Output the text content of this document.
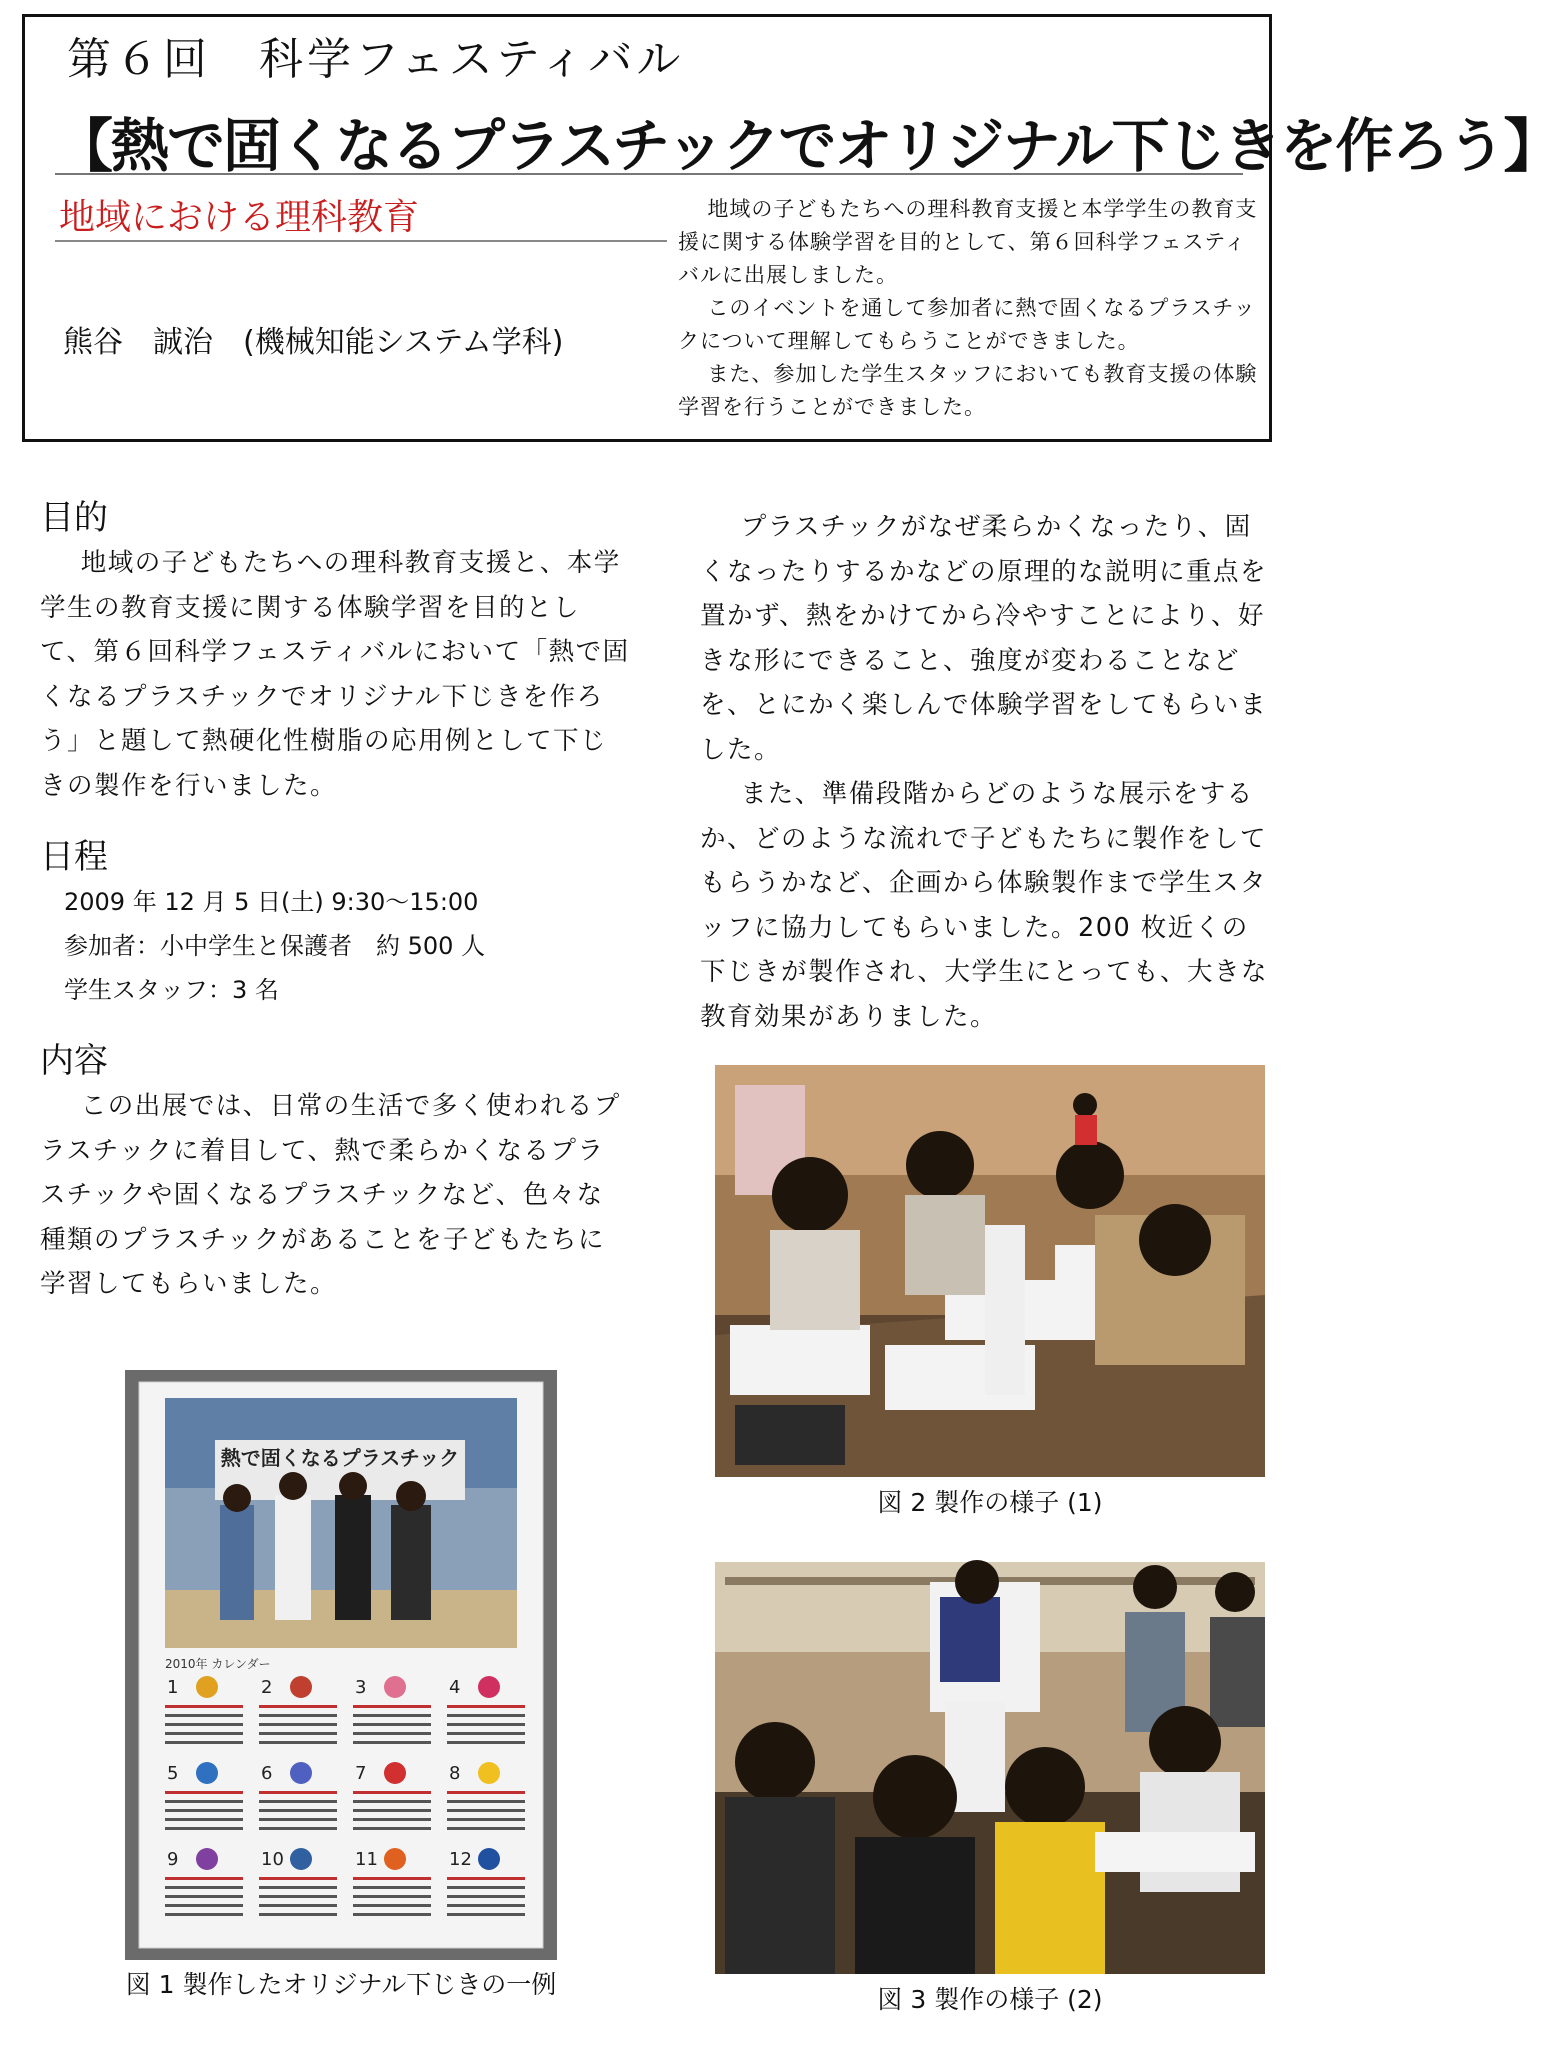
第６回　科学フェスティバル
【熱で固くなるプラスチックでオリジナル下じきを作ろう】
地域における理科教育
熊谷　誠治　(機械知能システム学科)

地域の子どもたちへの理科教育支援と本学学生の教育支援に関する体験学習を目的として、第６回科学フェスティバルに出展しました。

このイベントを通して参加者に熱で固くなるプラスチックについて理解してもらうことができました。

また、参加した学生スタッフにおいても教育支援の体験学習を行うことができました。

目的

地域の子どもたちへの理科教育支援と、本学学生の教育支援に関する体験学習を目的として、第６回科学フェスティバルにおいて「熱で固くなるプラスチックでオリジナル下じきを作ろう」と題して熱硬化性樹脂の応用例として下じきの製作を行いました。

日程

2009 年 12 月 5 日(土) 9:30～15:00

参加者：小中学生と保護者　約 500 人

学生スタッフ：3 名

内容

この出展では、日常の生活で多く使われるプラスチックに着目して、熱で柔らかくなるプラスチックや固くなるプラスチックなど、色々な種類のプラスチックがあることを子どもたちに学習してもらいました。

プラスチックがなぜ柔らかくなったり、固くなったりするかなどの原理的な説明に重点を置かず、熱をかけてから冷やすことにより、好きな形にできること、強度が変わることなどを、とにかく楽しんで体験学習をしてもらいました。

また、準備段階からどのような展示をするか、どのような流れで子どもたちに製作をしてもらうかなど、企画から体験製作まで学生スタッフに協力してもらいました。200 枚近くの下じきが製作され、大学生にとっても、大きな教育効果がありました。

熱で固くなるプラスチック
2010年 カレンダー
1	2	3	4
5	6	7	8
9	10	11	12
図 1 製作したオリジナル下じきの一例
図 2 製作の様子 (1)
図 3 製作の様子 (2)
